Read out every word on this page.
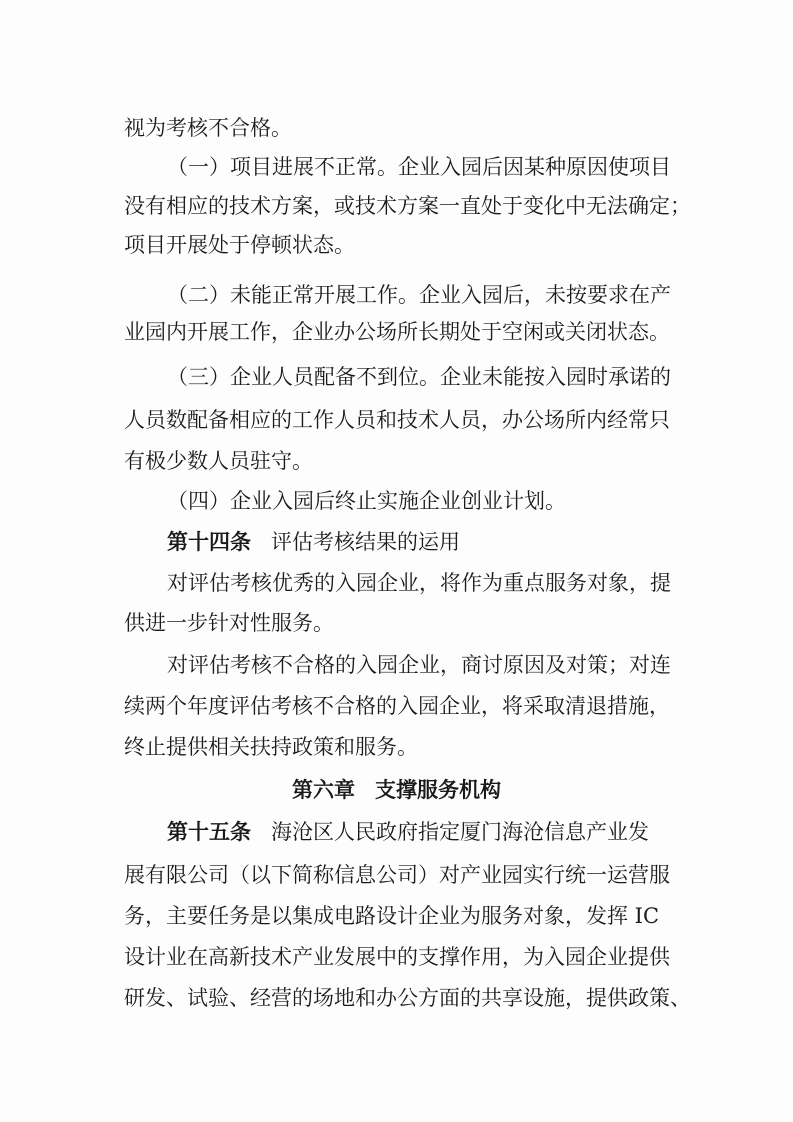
视为考核不合格。
（一）项目进展不正常。企业入园后因某种原因使项目
没有相应的技术方案，或技术方案一直处于变化中无法确定；
项目开展处于停顿状态。
（二）未能正常开展工作。企业入园后，未按要求在产
业园内开展工作，企业办公场所长期处于空闲或关闭状态。
（三）企业人员配备不到位。企业未能按入园时承诺的
人员数配备相应的工作人员和技术人员，办公场所内经常只
有极少数人员驻守。
（四）企业入园后终止实施企业创业计划。
第十四条 评估考核结果的运用
对评估考核优秀的入园企业，将作为重点服务对象，提
供进一步针对性服务。
对评估考核不合格的入园企业，商讨原因及对策；对连
续两个年度评估考核不合格的入园企业，将采取清退措施，
终止提供相关扶持政策和服务。
第六章 支撑服务机构
第十五条 海沧区人民政府指定厦门海沧信息产业发
展有限公司（以下简称信息公司）对产业园实行统一运营服
务，主要任务是以集成电路设计企业为服务对象，发挥 IC
设计业在高新技术产业发展中的支撑作用，为入园企业提供
研发、试验、经营的场地和办公方面的共享设施，提供政策、
